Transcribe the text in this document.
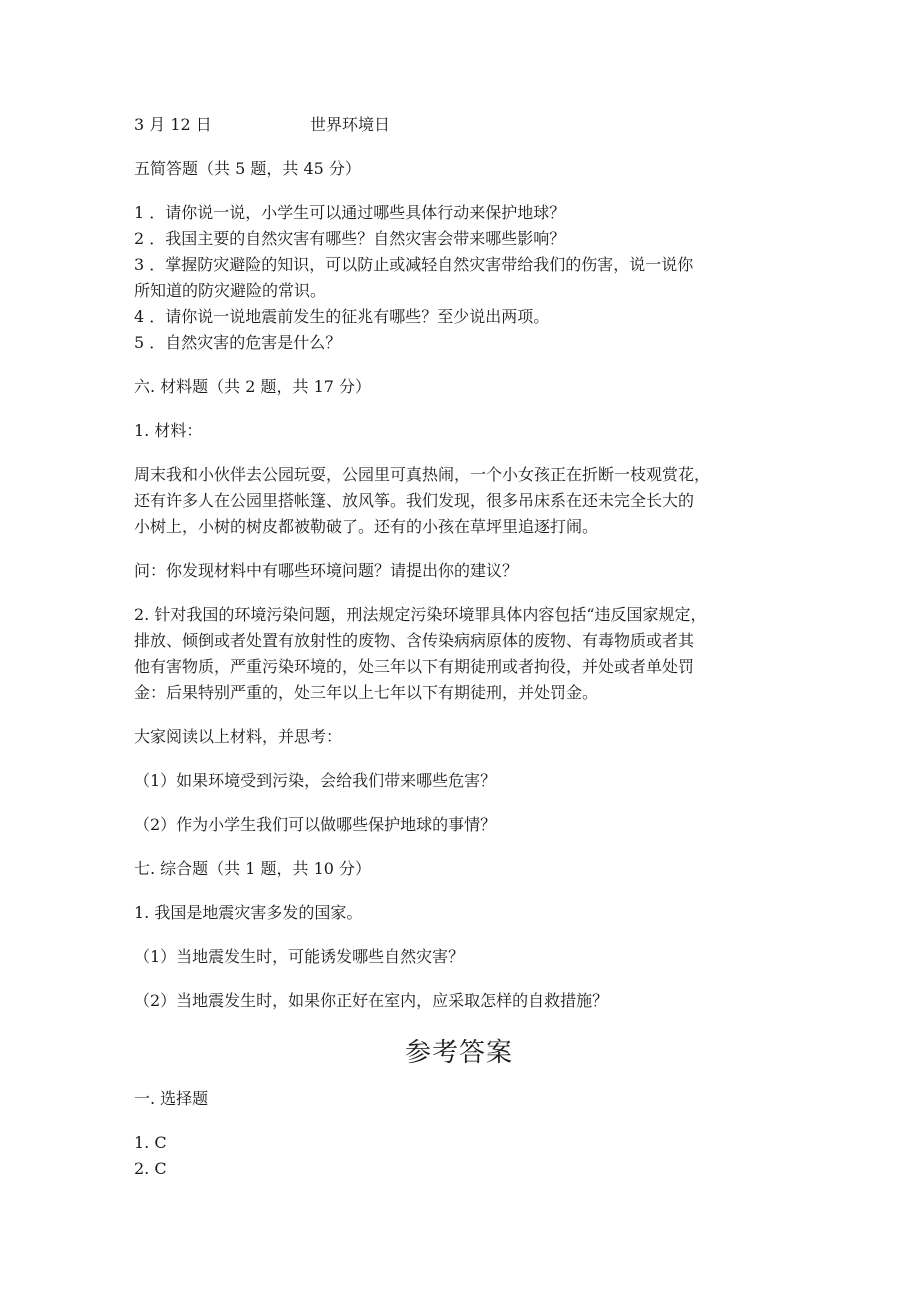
3 月 12 日	世界环境日
五简答题（共 5 题，共 45 分）
1 ．请你说一说，小学生可以通过哪些具体行动来保护地球？
2 ．我国主要的自然灾害有哪些？自然灾害会带来哪些影响？
3 ．掌握防灾避险的知识，可以防止或减轻自然灾害带给我们的伤害，说一说你
所知道的防灾避险的常识。
4 ．请你说一说地震前发生的征兆有哪些？至少说出两项。
5 ．自然灾害的危害是什么？
六. 材料题（共 2 题，共 17 分）
1. 材料：
周末我和小伙伴去公园玩耍，公园里可真热闹，一个小女孩正在折断一枝观赏花，
还有许多人在公园里搭帐篷、放风筝。我们发现，很多吊床系在还未完全长大的
小树上，小树的树皮都被勒破了。还有的小孩在草坪里追逐打闹。
问：你发现材料中有哪些环境问题？请提出你的建议？
2. 针对我国的环境污染问题，刑法规定污染环境罪具体内容包括“违反国家规定，
排放、倾倒或者处置有放射性的废物、含传染病病原体的废物、有毒物质或者其
他有害物质，严重污染环境的，处三年以下有期徒刑或者拘役，并处或者单处罚
金：后果特别严重的，处三年以上七年以下有期徒刑，并处罚金。
大家阅读以上材料，并思考：
（1）如果环境受到污染，会给我们带来哪些危害？
（2）作为小学生我们可以做哪些保护地球的事情？
七. 综合题（共 1 题，共 10 分）
1. 我国是地震灾害多发的国家。
（1）当地震发生时，可能诱发哪些自然灾害？
（2）当地震发生时，如果你正好在室内，应采取怎样的自救措施？
参考答案
一. 选择题
1. C
2. C
